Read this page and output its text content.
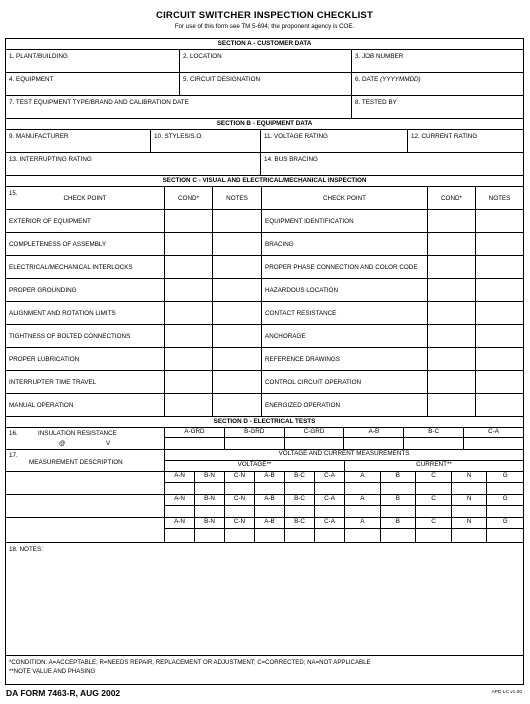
CIRCUIT SWITCHER INSPECTION CHECKLIST
For use of this form see TM 5-694; the proponent agency is COE.
SECTION A - CUSTOMER DATA
1. PLANT/BUILDING	2. LOCATION	3. JOB NUMBER
4. EQUIPMENT	5. CIRCUIT DESIGNATION	6. DATE (YYYYMMDD)
7. TEST EQUIPMENT TYPE/BRAND AND CALIBRATION DATE	8. TESTED BY
SECTION B - EQUIPMENT DATA
9. MANUFACTURER	10. STYLES/S.O.	11. VOLTAGE RATING	12. CURRENT RATING
13. INTERRUPTING RATING	14. BUS BRACING
SECTION C - VISUAL AND ELECTRICAL/MECHANICAL INSPECTION
15.
CHECK POINT	COND*	NOTES	CHECK POINT	COND*	NOTES
EXTERIOR OF EQUIPMENT	EQUIPMENT IDENTIFICATION
COMPLETENESS OF ASSEMBLY	BRACING
ELECTRICAL/MECHANICAL INTERLOCKS	PROPER PHASE CONNECTION AND COLOR CODE
PROPER GROUNDING	HAZARDOUS LOCATION
ALIGNMENT AND ROTATION LIMITS	CONTACT RESISTANCE
TIGHTNESS OF BOLTED CONNECTIONS	ANCHORAGE
PROPER LUBRICATION	REFERENCE DRAWINGS
INTERRUPTER TIME TRAVEL	CONTROL CIRCUIT OPERATION
MANUAL OPERATION	ENERGIZED OPERATION
SECTION D - ELECTRICAL TESTS
16.	INSULATION RESISTANCE
@	V
A-GRD	B-GRD	C-GRD	A-B	B-C	C-A
17.
MEASUREMENT DESCRIPTION
VOLTAGE AND CURRENT MEASUREMENTS
VOLTAGE**	CURRENT**
A-N	B-N	C-N	A-B	B-C	C-A	A	B	C	N	G
A-N	B-N	C-N	A-B	B-C	C-A	A	B	C	N	G
A-N	B-N	C-N	A-B	B-C	C-A	A	B	C	N	G
18. NOTES:
*CONDITION: A=ACCEPTABLE; R=NEEDS REPAIR, REPLACEMENT OR ADJUSTMENT; C=CORRECTED; NA=NOT APPLICABLE
**NOTE VALUE AND PHASING
DA FORM 7463-R, AUG 2002	APD LC v1.00
